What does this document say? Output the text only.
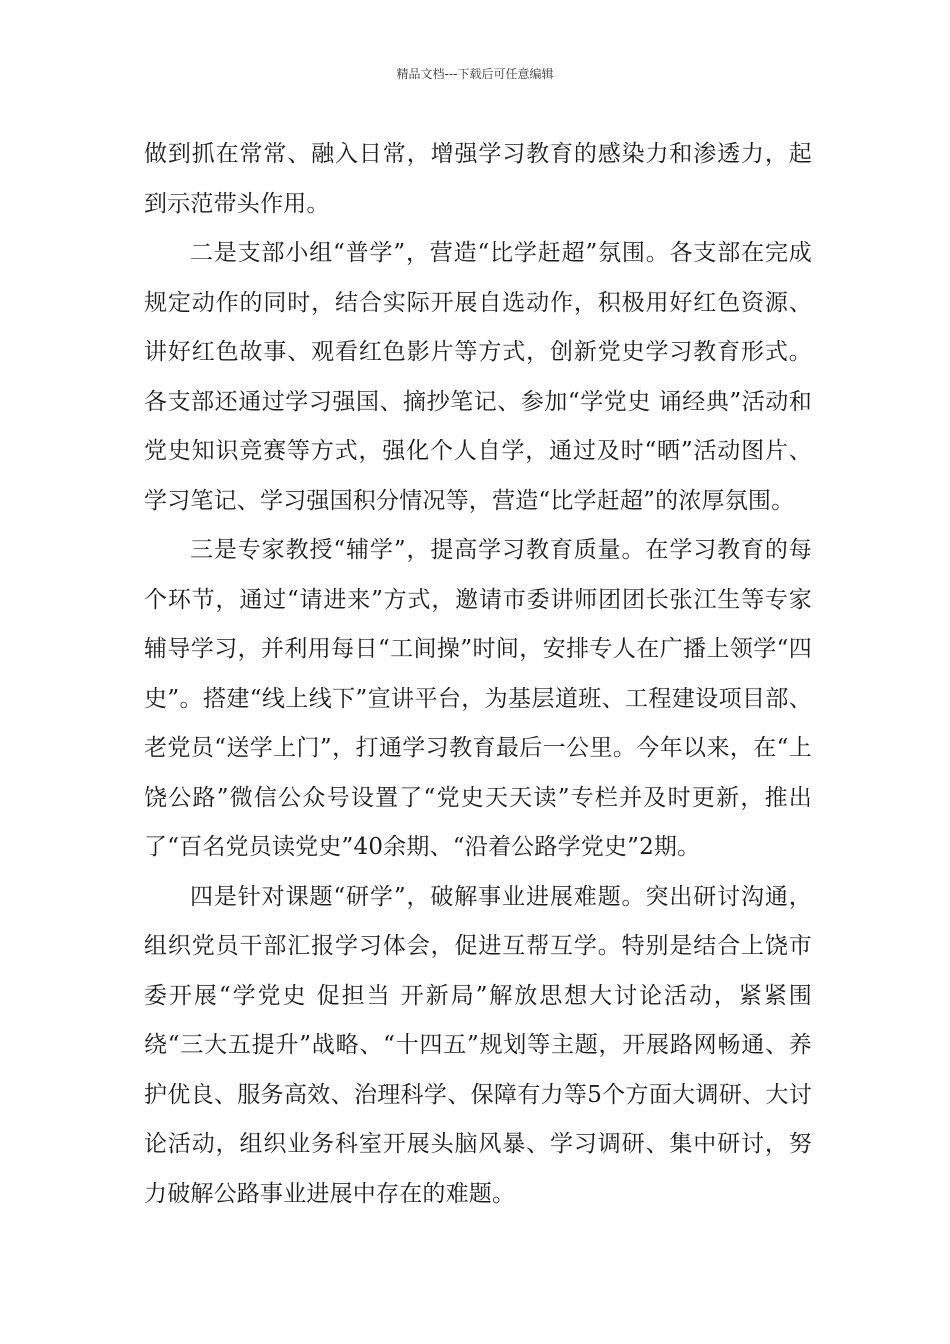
精品文档---下载后可任意编辑

做到抓在常常、融入日常，增强学习教育的感染力和渗透力，起到示范带头作用。

二是支部小组“普学”，营造“比学赶超”氛围。各支部在完成规定动作的同时，结合实际开展自选动作，积极用好红色资源、讲好红色故事、观看红色影片等方式，创新党史学习教育形式。各支部还通过学习强国、摘抄笔记、参加“学党史 诵经典”活动和党史知识竞赛等方式，强化个人自学，通过及时“晒”活动图片、学习笔记、学习强国积分情况等，营造“比学赶超”的浓厚氛围。

三是专家教授“辅学”，提高学习教育质量。在学习教育的每个环节，通过“请进来”方式，邀请市委讲师团团长张江生等专家辅导学习，并利用每日“工间操”时间，安排专人在广播上领学“四史”。搭建“线上线下”宣讲平台，为基层道班、工程建设项目部、老党员“送学上门”，打通学习教育最后一公里。今年以来，在“上饶公路”微信公众号设置了“党史天天读”专栏并及时更新，推出了“百名党员读党史”40余期、“沿着公路学党史”2期。

四是针对课题“研学”，破解事业进展难题。突出研讨沟通，组织党员干部汇报学习体会，促进互帮互学。特别是结合上饶市委开展“学党史 促担当 开新局”解放思想大讨论活动，紧紧围绕“三大五提升”战略、“十四五”规划等主题，开展路网畅通、养护优良、服务高效、治理科学、保障有力等5个方面大调研、大讨论活动，组织业务科室开展头脑风暴、学习调研、集中研讨，努力破解公路事业进展中存在的难题。
